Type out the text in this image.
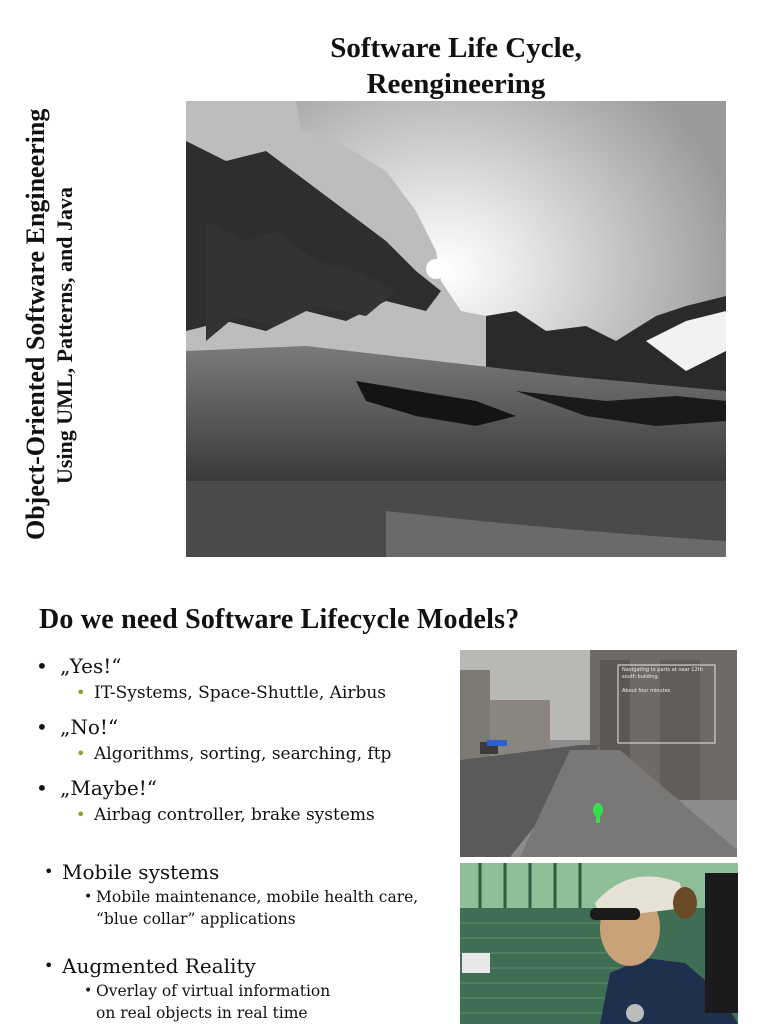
Object-Oriented Software Engineering Using UML, Patterns, and Java
Software Life Cycle,
Reengineering
Do we need Software Lifecycle Models?
• „Yes!“
• IT-Systems, Space-Shuttle, Airbus
• „No!“
• Algorithms, sorting, searching, ftp
• „Maybe!“
• Airbag controller, brake systems
• Mobile systems
• Mobile maintenance, mobile health care,
“blue collar” applications
• Augmented Reality
• Overlay of virtual information
on real objects in real time
Navigating to parts at near 12th
south building.

About four minutes
